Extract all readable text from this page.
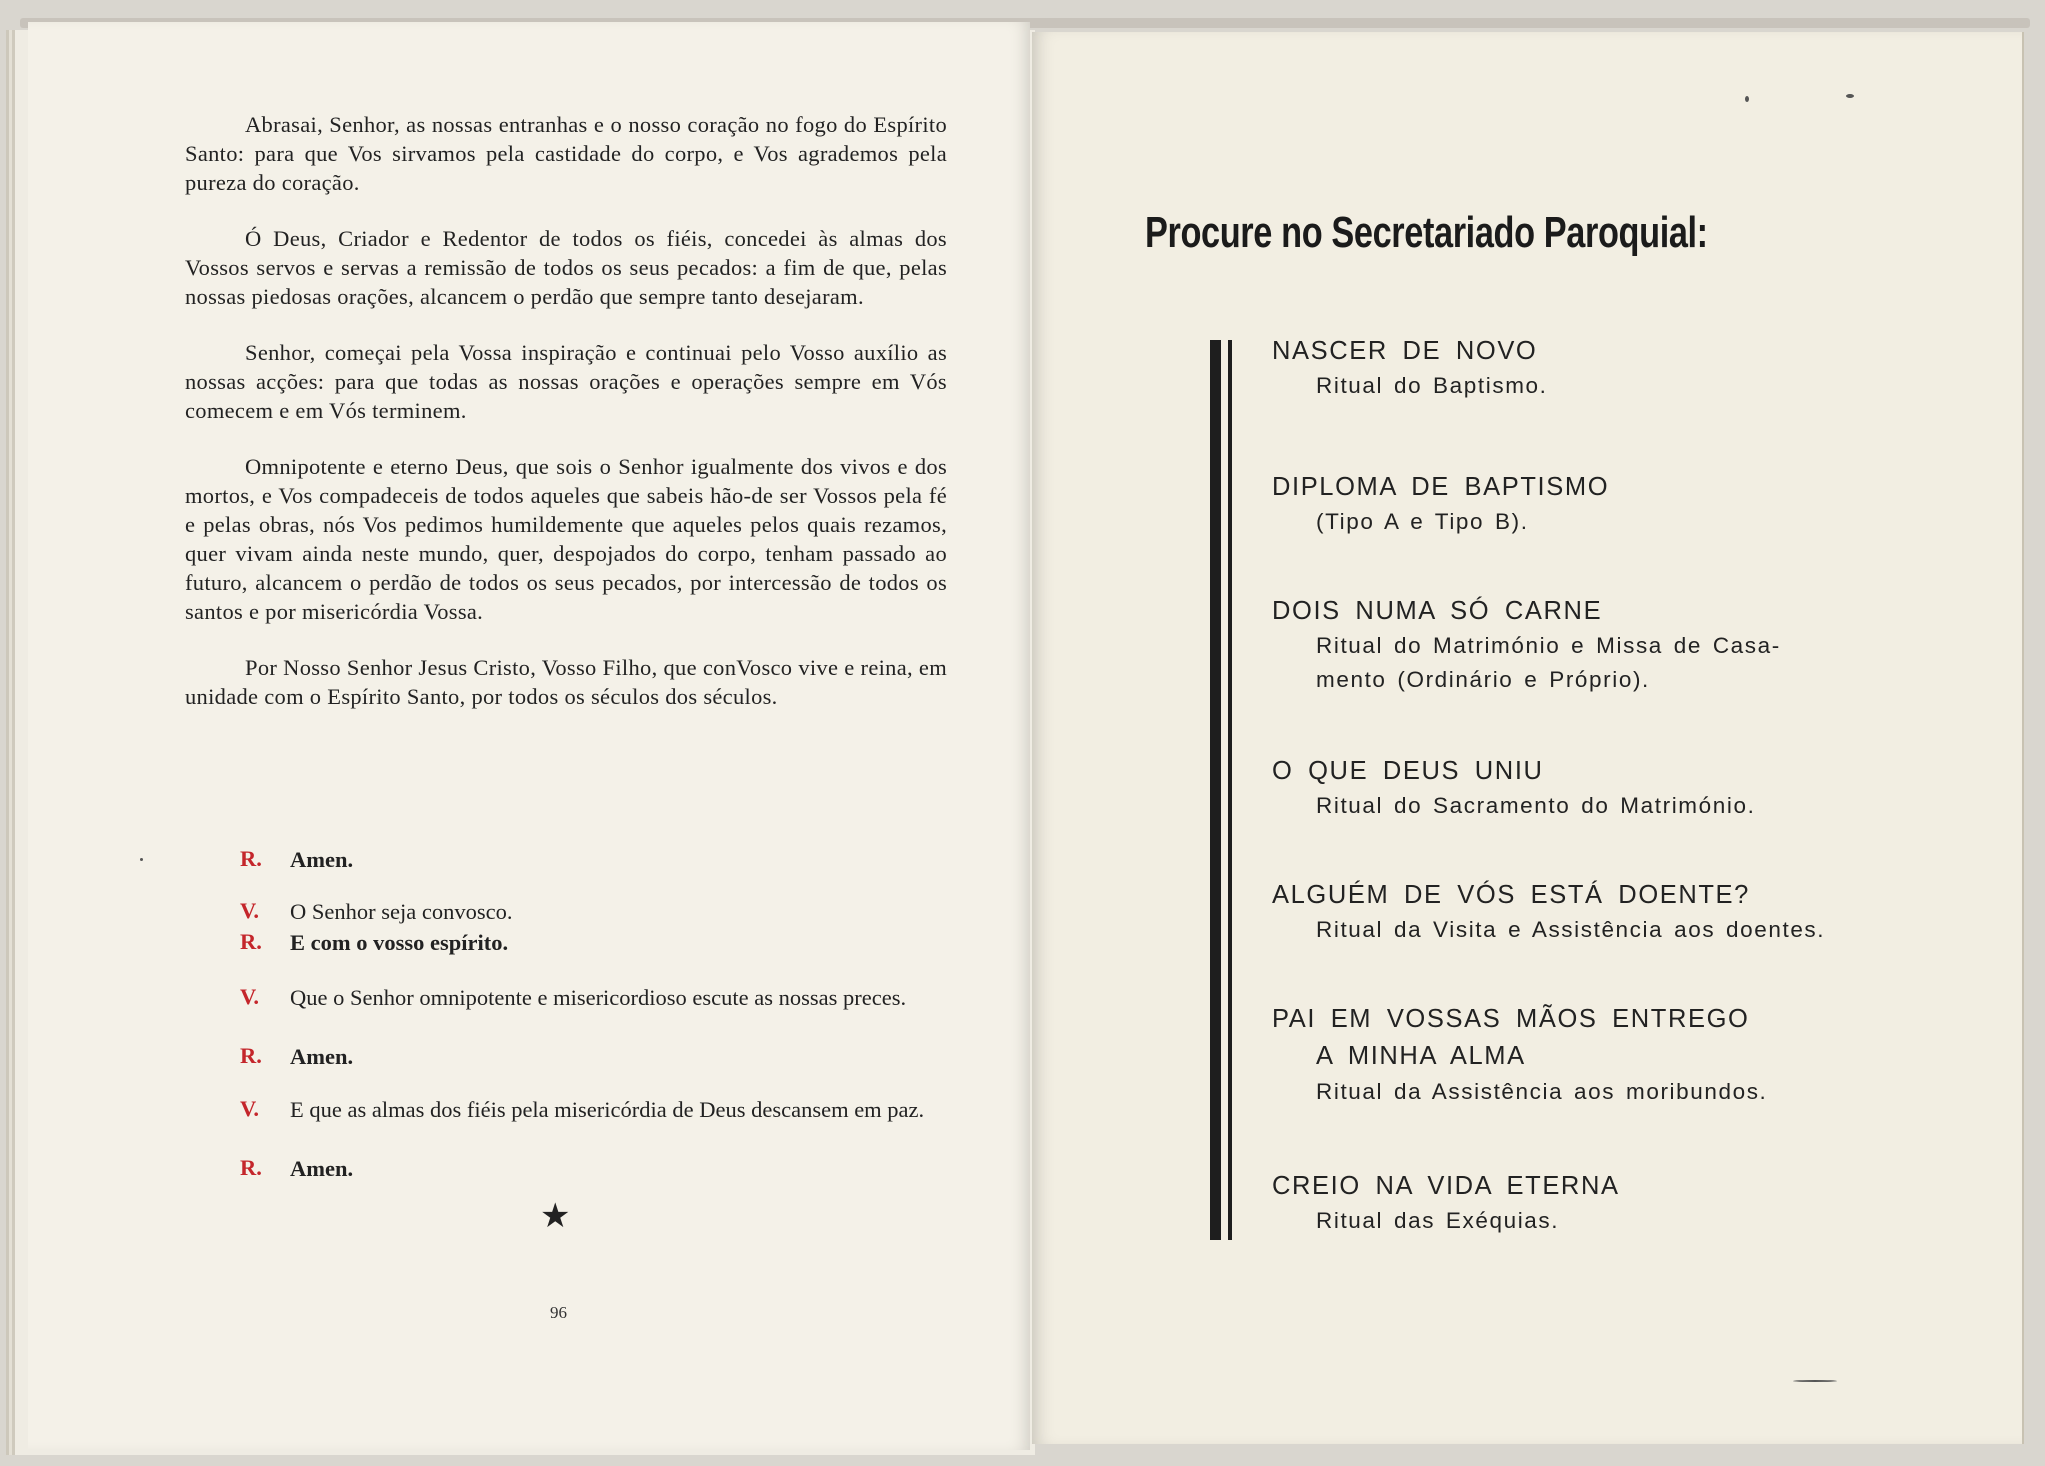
Abrasai, Senhor, as nossas entranhas e o nosso coração no fogo do Espírito Santo: para que Vos sirvamos pela castidade do corpo, e Vos agrademos pela pureza do coração.

Ó Deus, Criador e Redentor de todos os fiéis, concedei às almas dos Vossos servos e servas a remissão de todos os seus pecados: a fim de que, pelas nossas piedosas orações, alcancem o perdão que sempre tanto desejaram.

Senhor, começai pela Vossa inspiração e continuai pelo Vosso auxílio as nossas acções: para que todas as nossas orações e operações sempre em Vós comecem e em Vós terminem.

Omnipotente e eterno Deus, que sois o Senhor igualmente dos vivos e dos mortos, e Vos compadeceis de todos aqueles que sabeis hão-de ser Vossos pela fé e pelas obras, nós Vos pedimos humildemente que aqueles pelos quais rezamos, quer vivam ainda neste mundo, quer, despojados do corpo, tenham passado ao futuro, alcancem o perdão de todos os seus pecados, por intercessão de todos os santos e por misericórdia Vossa.

Por Nosso Senhor Jesus Cristo, Vosso Filho, que conVosco vive e reina, em unidade com o Espírito Santo, por todos os séculos dos séculos.

R. Amen.
V. O Senhor seja convosco.
R. E com o vosso espírito.
V. Que o Senhor omnipotente e misericordioso escute as nossas preces.
R. Amen.
V. E que as almas dos fiéis pela misericórdia de Deus descansem em paz.
R. Amen.
★
96
Procure no Secretariado Paroquial:
NASCER DE NOVO
Ritual do Baptismo.
DIPLOMA DE BAPTISMO
(Tipo A e Tipo B).
DOIS NUMA SÓ CARNE
Ritual do Matrimónio e Missa de Casa-
mento (Ordinário e Próprio).
O QUE DEUS UNIU
Ritual do Sacramento do Matrimónio.
ALGUÉM DE VÓS ESTÁ DOENTE?
Ritual da Visita e Assistência aos doentes.
PAI EM VOSSAS MÃOS ENTREGO
A MINHA ALMA
Ritual da Assistência aos moribundos.
CREIO NA VIDA ETERNA
Ritual das Exéquias.
